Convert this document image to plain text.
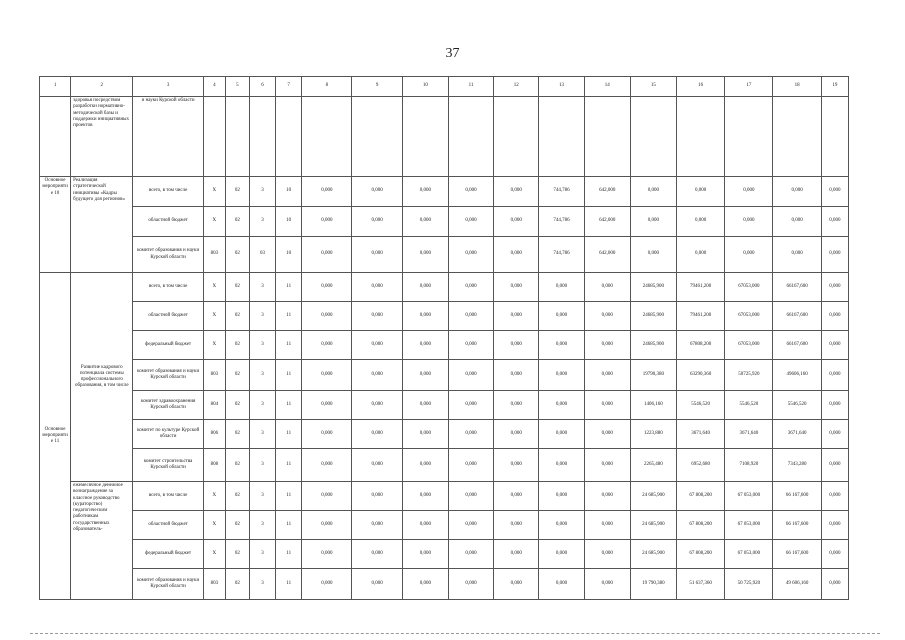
37
1	2	3	4	5	6	7	8	9	10	11	12	13	14	15	16	17	18	19
	здоровья посредством разработки нормативно-методической базы и поддержки инициативных проектов	и науки Курской области																
Основное мероприятие 10	Реализация стратегической инициативы «Кадры будущего для регионов»	всего, в том числе	X	02	3	10	0,000	0,000	0,000	0,000	0,000	744,786	642,000	0,000	0,000	0,000	0,000	0,000
		областной бюджет	X	02	3	10	0,000	0,000	0,000	0,000	0,000	744,786	642,000	0,000	0,000	0,000	0,000	0,000
		комитет образования и науки Курской области	803	02	03	10	0,000	0,000	0,000	0,000	0,000	744,786	642,000	0,000	0,000	0,000	0,000	0,000
Основное мероприятие 11	Развитие кадрового потенциала системы профессионального образования, в том числе	всего, в том числе	X	02	3	11	0,000	0,000	0,000	0,000	0,000	0,000	0,000	24685,900	79461,200	67053,000	66167,600	0,000
		областной бюджет	X	02	3	11	0,000	0,000	0,000	0,000	0,000	0,000	0,000	24685,900	79461,200	67053,000	66167,600	0,000
		федеральный бюджет	X	02	3	11	0,000	0,000	0,000	0,000	0,000	0,000	0,000	24685,900	67808,200	67053,000	66167,600	0,000
		комитет образования и науки Курской области	803	02	3	11	0,000	0,000	0,000	0,000	0,000	0,000	0,000	19790,380	63290,360	50725,920	49606,160	0,000
		комитет здравоохранения Курской области	804	02	3	11	0,000	0,000	0,000	0,000	0,000	0,000	0,000	1406,160	5546,520	5546,520	5546,520	0,000
		комитет по культуре Курской области	806	02	3	11	0,000	0,000	0,000	0,000	0,000	0,000	0,000	1223,880	3671,640	3671,640	3671,640	0,000
		комитет строительства Курской области	808	02	3	11	0,000	0,000	0,000	0,000	0,000	0,000	0,000	2265,480	6952,680	7108,920	7343,280	0,000
	ежемесячное денежное вознаграждение за классное руководство (кураторство) педагогическим работникам государственных образователь-	всего, в том числе	X	02	3	11	0,000	0,000	0,000	0,000	0,000	0,000	0,000	24 685,900	67 808,200	67 053,000	66 167,600	0,000
		областной бюджет	X	02	3	11	0,000	0,000	0,000	0,000	0,000	0,000	0,000	24 685,900	67 808,200	67 053,000	66 167,600	0,000
		федеральный бюджет	X	02	3	11	0,000	0,000	0,000	0,000	0,000	0,000	0,000	24 685,900	67 808,200	67 053,000	66 167,600	0,000
		комитет образования и науки Курской области	803	02	3	11	0,000	0,000	0,000	0,000	0,000	0,000	0,000	19 790,380	51 637,360	50 725,920	49 606,160	0,000
